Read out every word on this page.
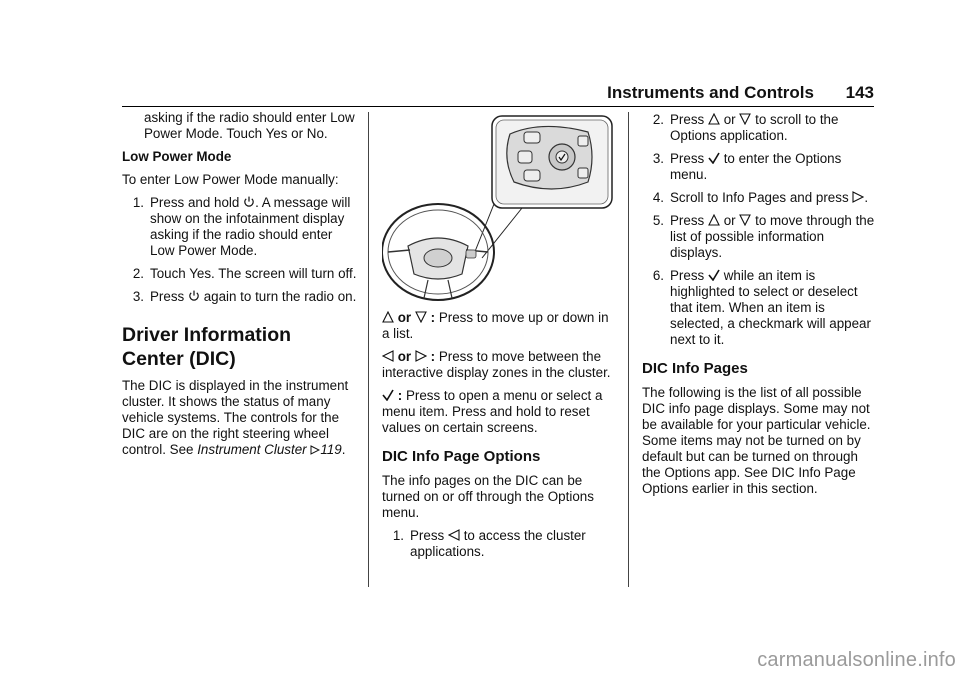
Instruments and Controls 143

asking if the radio should enter Low Power Mode. Touch Yes or No.

Low Power Mode

To enter Low Power Mode manually:

1. Press and hold . A message will show on the infotainment display asking if the radio should enter Low Power Mode.
2. Touch Yes. The screen will turn off.
3. Press again to turn the radio on.

Driver Information Center (DIC)

The DIC is displayed in the instrument cluster. It shows the status of many vehicle systems. The controls for the DIC are on the right steering wheel control. See Instrument Cluster 119.

or : Press to move up or down in a list.

or : Press to move between the interactive display zones in the cluster.

: Press to open a menu or select a menu item. Press and hold to reset values on certain screens.

DIC Info Page Options

The info pages on the DIC can be turned on or off through the Options menu.

1. Press to access the cluster applications.
2. Press or to scroll to the Options application.
3. Press to enter the Options menu.
4. Scroll to Info Pages and press .
5. Press or to move through the list of possible information displays.
6. Press while an item is highlighted to select or deselect that item. When an item is selected, a checkmark will appear next to it.

DIC Info Pages

The following is the list of all possible DIC info page displays. Some may not be available for your particular vehicle. Some items may not be turned on by default but can be turned on through the Options app. See DIC Info Page Options earlier in this section.

carmanualsonline.info
